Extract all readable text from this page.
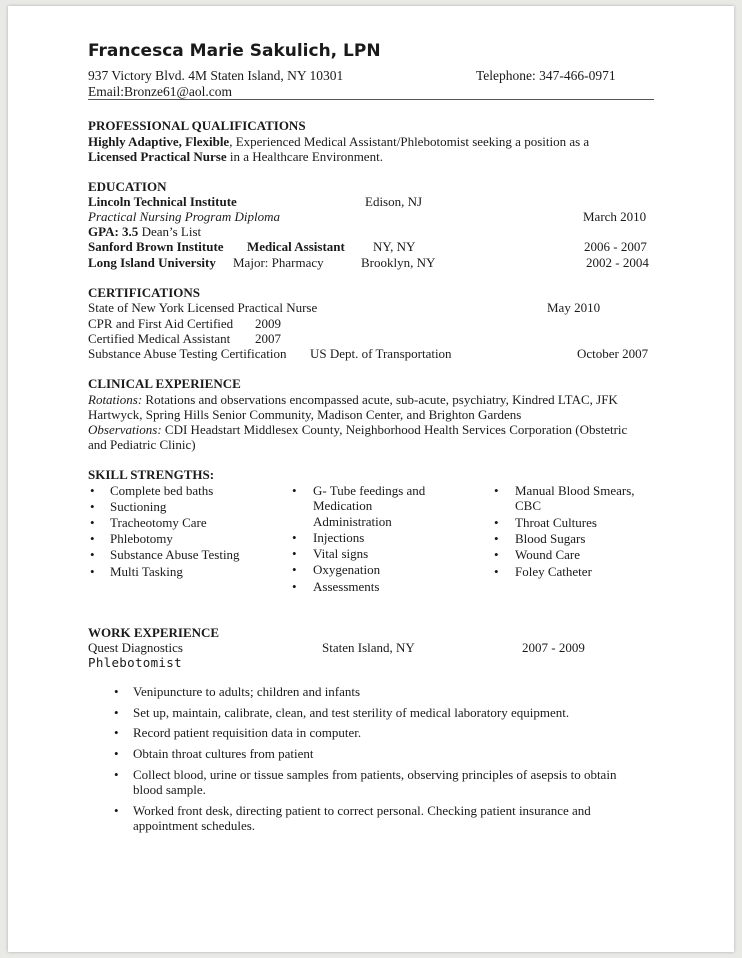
Francesca Marie Sakulich, LPN
937 Victory Blvd. 4M Staten Island, NY 10301	Telephone: 347-466-0971
Email:Bronze61@aol.com
PROFESSIONAL QUALIFICATIONS
Highly Adaptive, Flexible, Experienced Medical Assistant/Phlebotomist seeking a position as a
Licensed Practical Nurse in a Healthcare Environment.
EDUCATION
Lincoln Technical Institute	Edison, NJ
Practical Nursing Program Diploma	March 2010
GPA: 3.5 Dean’s List
Sanford Brown Institute Medical Assistant NY, NY	2006 - 2007
Long Island University Major: Pharmacy	Brooklyn, NY	2002 - 2004
CERTIFICATIONS
State of New York Licensed Practical Nurse	May 2010
CPR and First Aid Certified 2009
Certified Medical Assistant 2007
Substance Abuse Testing Certification US Dept. of Transportation	October 2007
CLINICAL EXPERIENCE
Rotations: Rotations and observations encompassed acute, sub-acute, psychiatry, Kindred LTAC, JFK
Hartwyck, Spring Hills Senior Community, Madison Center, and Brighton Gardens
Observations: CDI Headstart Middlesex County, Neighborhood Health Services Corporation (Obstetric
and Pediatric Clinic)
SKILL STRENGTHS:
• Complete bed baths
• Suctioning
• Tracheotomy Care
• Phlebotomy
• Substance Abuse Testing
• Multi Tasking
• G- Tube feedings and
Medication
Administration
• Injections
• Vital signs
• Oxygenation
• Assessments
• Manual Blood Smears,
CBC
• Throat Cultures
• Blood Sugars
• Wound Care
• Foley Catheter
WORK EXPERIENCE
Quest Diagnostics	Staten Island, NY	2007 - 2009
Phlebotomist
• Venipuncture to adults; children and infants
• Set up, maintain, calibrate, clean, and test sterility of medical laboratory equipment.
• Record patient requisition data in computer.
• Obtain throat cultures from patient
• Collect blood, urine or tissue samples from patients, observing principles of asepsis to obtain
blood sample.
• Worked front desk, directing patient to correct personal. Checking patient insurance and
appointment schedules.
